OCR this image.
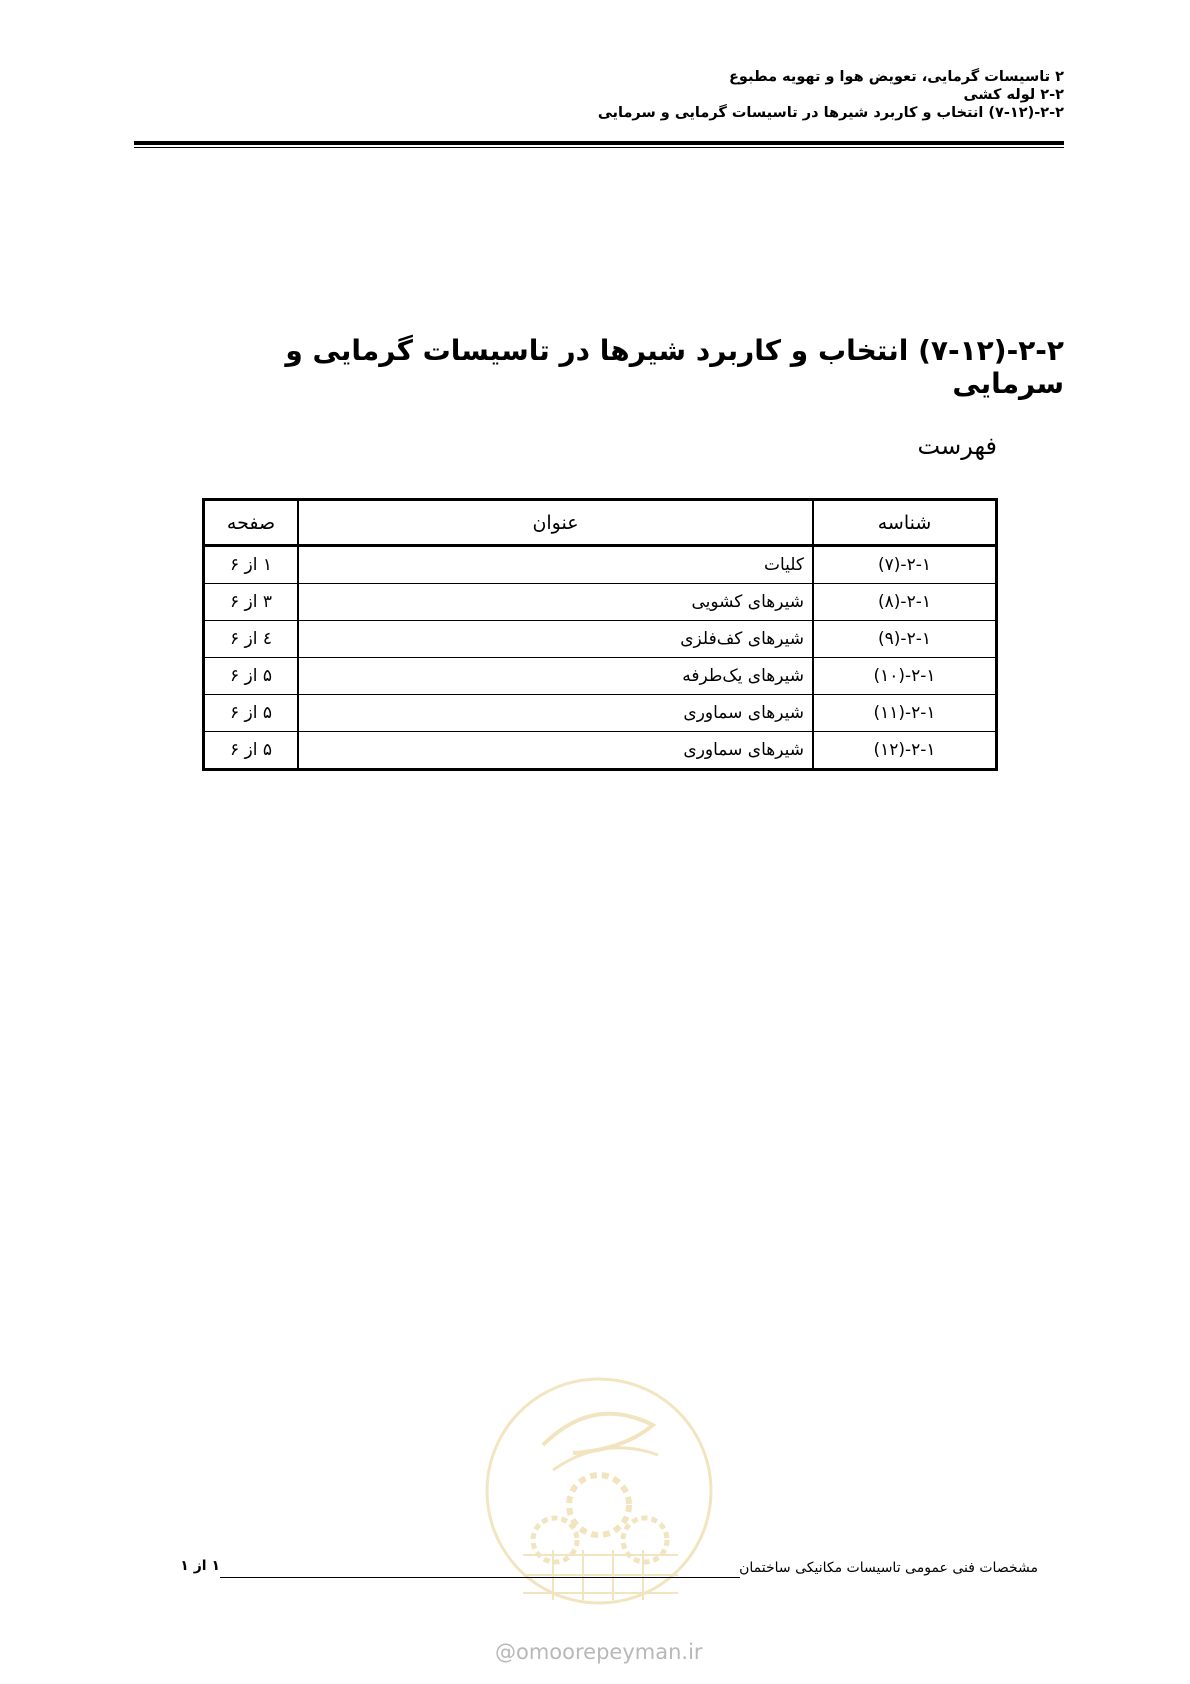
۲ تاسیسات گرمایی، تعویض هوا و تهویه مطبوع
۲-۲ لوله کشی
۲-۲-(۷-۱۲) انتخاب و کاربرد شیرها در تاسیسات گرمایی و سرمایی
۲-۲-(۷-۱۲) انتخاب و کاربرد شیرها در تاسیسات گرمایی و سرمایی
فهرست
شناسه	عنوان	صفحه
۲-۱-(۷)	کلیات	۱ از ۶
۲-۱-(۸)	شیرهای کشویی	۳ از ۶
۲-۱-(۹)	شیرهای کف‌فلزی	٤ از ۶
۲-۱-(۱۰)	شیرهای یک‌طرفه	۵ از ۶
۲-۱-(۱۱)	شیرهای سماوری	۵ از ۶
۲-۱-(۱۲)	شیرهای سماوری	۵ از ۶
مشخصات فنی عمومی تاسیسات مکانیکی ساختمان
۱ از ۱
@omoorepeyman.ir
